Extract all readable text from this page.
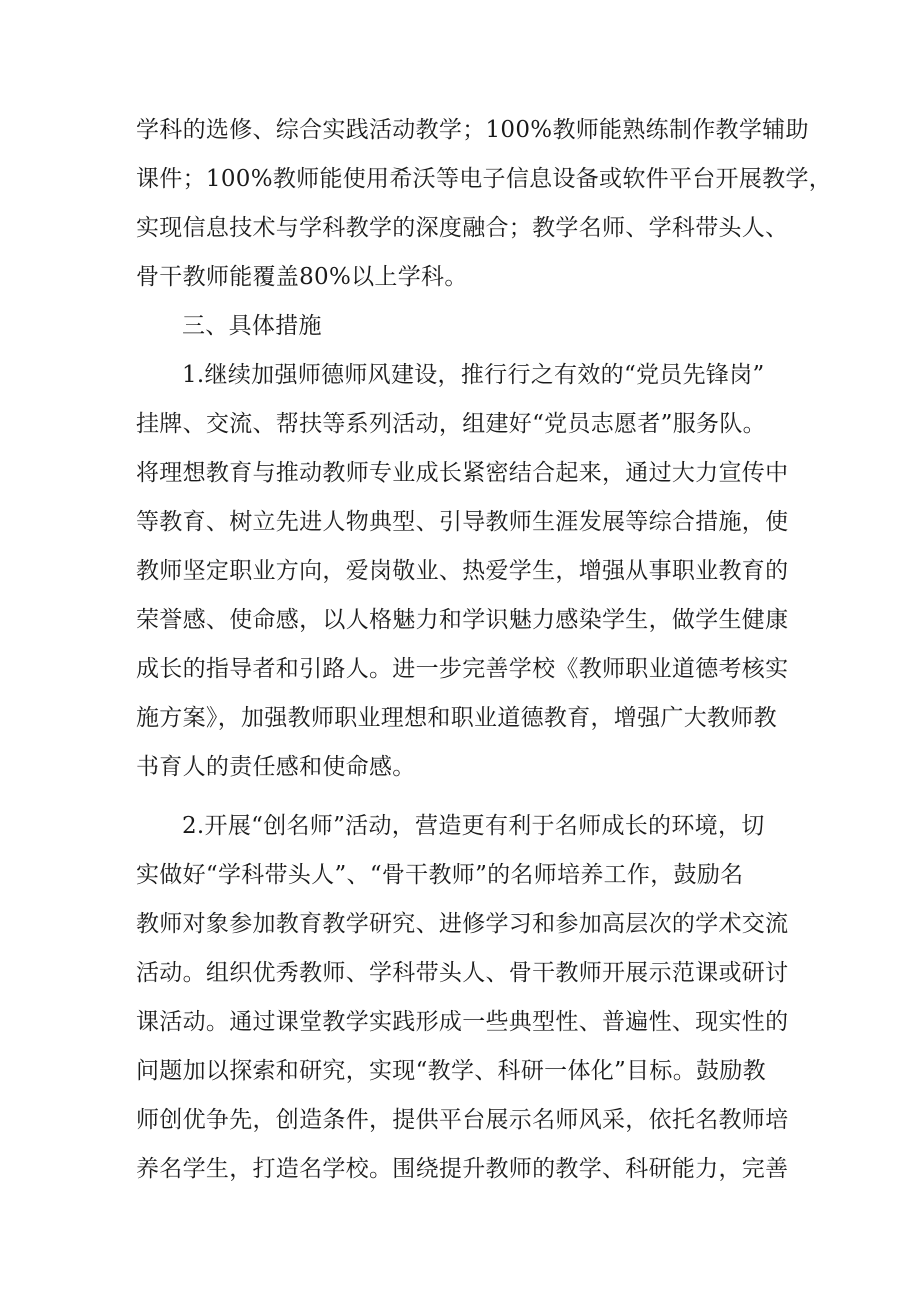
学科的选修、综合实践活动教学；100%教师能熟练制作教学辅助
课件；100%教师能使用希沃等电子信息设备或软件平台开展教学，
实现信息技术与学科教学的深度融合；教学名师、学科带头人、
骨干教师能覆盖80%以上学科。
三、具体措施
1.继续加强师德师风建设，推行行之有效的“党员先锋岗”
挂牌、交流、帮扶等系列活动，组建好“党员志愿者”服务队。
将理想教育与推动教师专业成长紧密结合起来，通过大力宣传中
等教育、树立先进人物典型、引导教师生涯发展等综合措施，使
教师坚定职业方向，爱岗敬业、热爱学生，增强从事职业教育的
荣誉感、使命感，以人格魅力和学识魅力感染学生，做学生健康
成长的指导者和引路人。进一步完善学校《教师职业道德考核实
施方案》，加强教师职业理想和职业道德教育，增强广大教师教
书育人的责任感和使命感。
2.开展“创名师”活动，营造更有利于名师成长的环境，切
实做好“学科带头人”、“骨干教师”的名师培养工作，鼓励名
教师对象参加教育教学研究、进修学习和参加高层次的学术交流
活动。组织优秀教师、学科带头人、骨干教师开展示范课或研讨
课活动。通过课堂教学实践形成一些典型性、普遍性、现实性的
问题加以探索和研究，实现“教学、科研一体化”目标。鼓励教
师创优争先，创造条件，提供平台展示名师风采，依托名教师培
养名学生，打造名学校。围绕提升教师的教学、科研能力，完善
